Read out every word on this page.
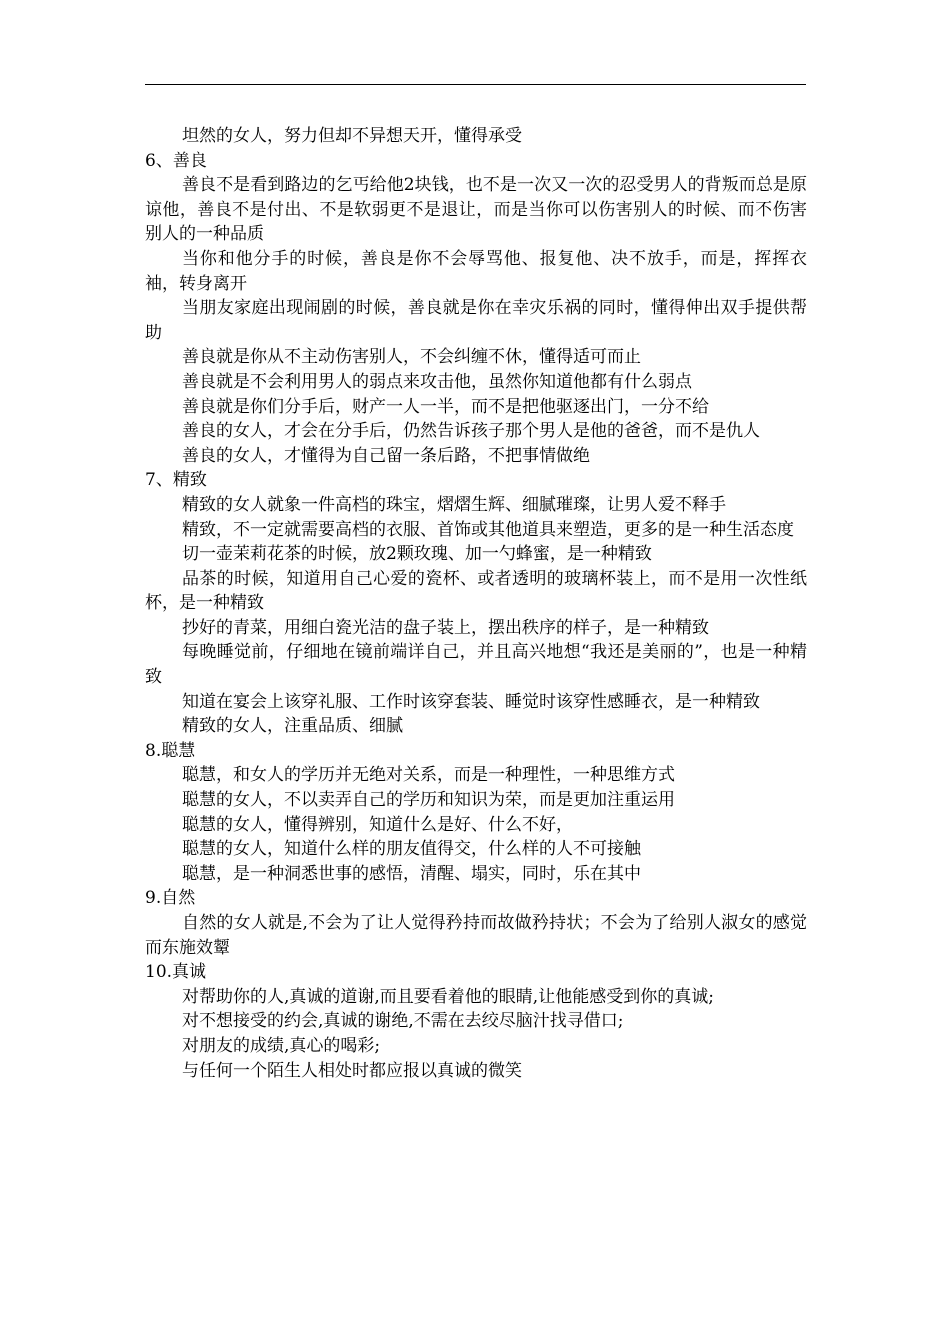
坦然的女人，努力但却不异想天开，懂得承受

6、善良

善良不是看到路边的乞丐给他2块钱，也不是一次又一次的忍受男人的背叛而总是原谅他，善良不是付出、不是软弱更不是退让，而是当你可以伤害别人的时候、而不伤害别人的一种品质

当你和他分手的时候，善良是你不会辱骂他、报复他、决不放手，而是，挥挥衣袖，转身离开

当朋友家庭出现闹剧的时候，善良就是你在幸灾乐祸的同时，懂得伸出双手提供帮助

善良就是你从不主动伤害别人，不会纠缠不休，懂得适可而止

善良就是不会利用男人的弱点来攻击他，虽然你知道他都有什么弱点

善良就是你们分手后，财产一人一半，而不是把他驱逐出门，一分不给

善良的女人，才会在分手后，仍然告诉孩子那个男人是他的爸爸，而不是仇人

善良的女人，才懂得为自己留一条后路，不把事情做绝

7、精致

精致的女人就象一件高档的珠宝，熠熠生辉、细腻璀璨，让男人爱不释手

精致，不一定就需要高档的衣服、首饰或其他道具来塑造，更多的是一种生活态度

切一壶茉莉花茶的时候，放2颗玫瑰、加一勺蜂蜜，是一种精致

品茶的时候，知道用自己心爱的瓷杯、或者透明的玻璃杯装上，而不是用一次性纸杯，是一种精致

抄好的青菜，用细白瓷光洁的盘子装上，摆出秩序的样子，是一种精致

每晚睡觉前，仔细地在镜前端详自己，并且高兴地想“我还是美丽的”，也是一种精致

知道在宴会上该穿礼服、工作时该穿套装、睡觉时该穿性感睡衣，是一种精致

精致的女人，注重品质、细腻

8.聪慧

聪慧，和女人的学历并无绝对关系，而是一种理性，一种思维方式

聪慧的女人，不以卖弄自己的学历和知识为荣，而是更加注重运用

聪慧的女人，懂得辨别，知道什么是好、什么不好，

聪慧的女人，知道什么样的朋友值得交，什么样的人不可接触

聪慧，是一种洞悉世事的感悟，清醒、塌实，同时，乐在其中

9.自然

自然的女人就是,不会为了让人觉得矜持而故做矜持状；不会为了给别人淑女的感觉而东施效颦

10.真诚

对帮助你的人,真诚的道谢,而且要看着他的眼睛,让他能感受到你的真诚;

对不想接受的约会,真诚的谢绝,不需在去绞尽脑汁找寻借口;

对朋友的成绩,真心的喝彩;

与任何一个陌生人相处时都应报以真诚的微笑
